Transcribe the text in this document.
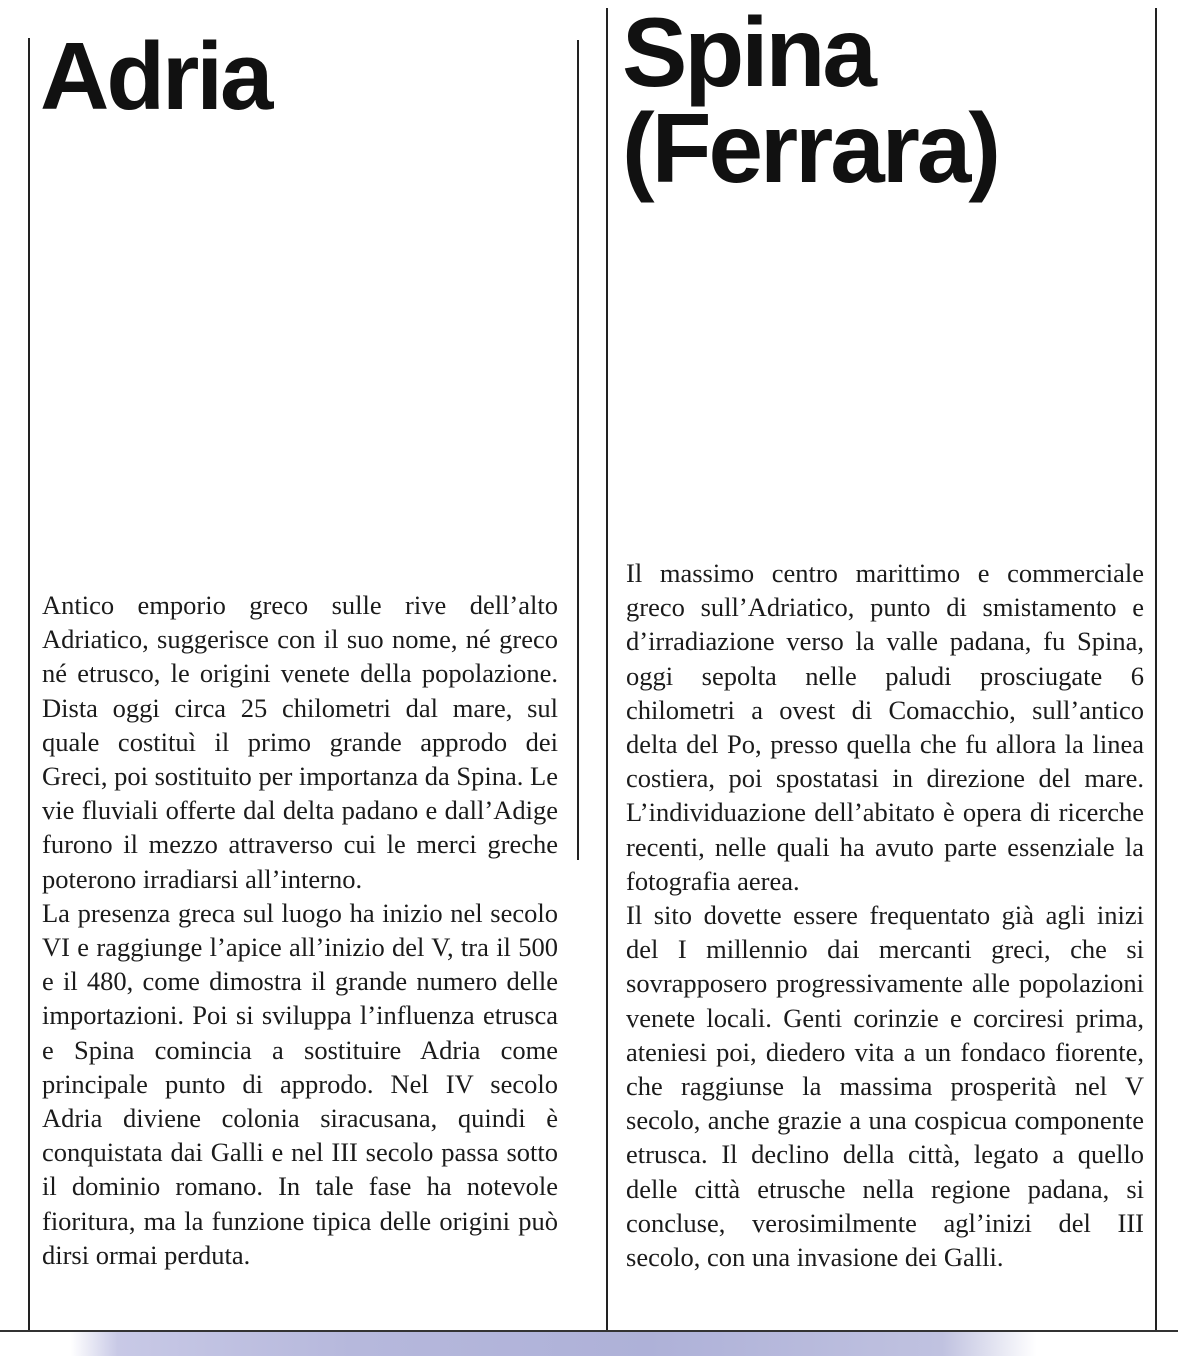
Adria

Antico emporio greco sulle rive dell’alto Adriatico, suggerisce con il suo nome, né greco né etrusco, le origini venete della popolazione. Dista oggi circa 25 chilometri dal mare, sul quale costituì il primo grande approdo dei Greci, poi sostituito per importanza da Spina. Le vie fluviali offerte dal delta padano e dall’Adige furono il mezzo attraverso cui le merci greche poterono irradiarsi all’interno.

La presenza greca sul luogo ha inizio nel secolo VI e raggiunge l’apice all’inizio del V, tra il 500 e il 480, come dimostra il grande numero delle importazioni. Poi si sviluppa l’influenza etrusca e Spina comincia a sostituire Adria come principale punto di approdo. Nel IV secolo Adria diviene colonia siracusana, quindi è conquistata dai Galli e nel III secolo passa sotto il dominio romano. In tale fase ha notevole fioritura, ma la funzione tipica delle origini può dirsi ormai perduta.

Spina
(Ferrara)

Il massimo centro marittimo e commerciale greco sull’Adriatico, punto di smistamento e d’irradiazione verso la valle padana, fu Spina, oggi sepolta nelle paludi prosciugate 6 chilometri a ovest di Comacchio, sull’antico delta del Po, presso quella che fu allora la linea costiera, poi spostatasi in direzione del mare. L’individuazione dell’abitato è opera di ricerche recenti, nelle quali ha avuto parte essenziale la fotografia aerea.

Il sito dovette essere frequentato già agli inizi del I millennio dai mercanti greci, che si sovrapposero progressivamente alle popolazioni venete locali. Genti corinzie e corciresi prima, ateniesi poi, diedero vita a un fondaco fiorente, che raggiunse la massima prosperità nel V secolo, anche grazie a una cospicua componente etrusca. Il declino della città, legato a quello delle città etrusche nella regione padana, si concluse, verosimilmente agl’inizi del III secolo, con una invasione dei Galli.
